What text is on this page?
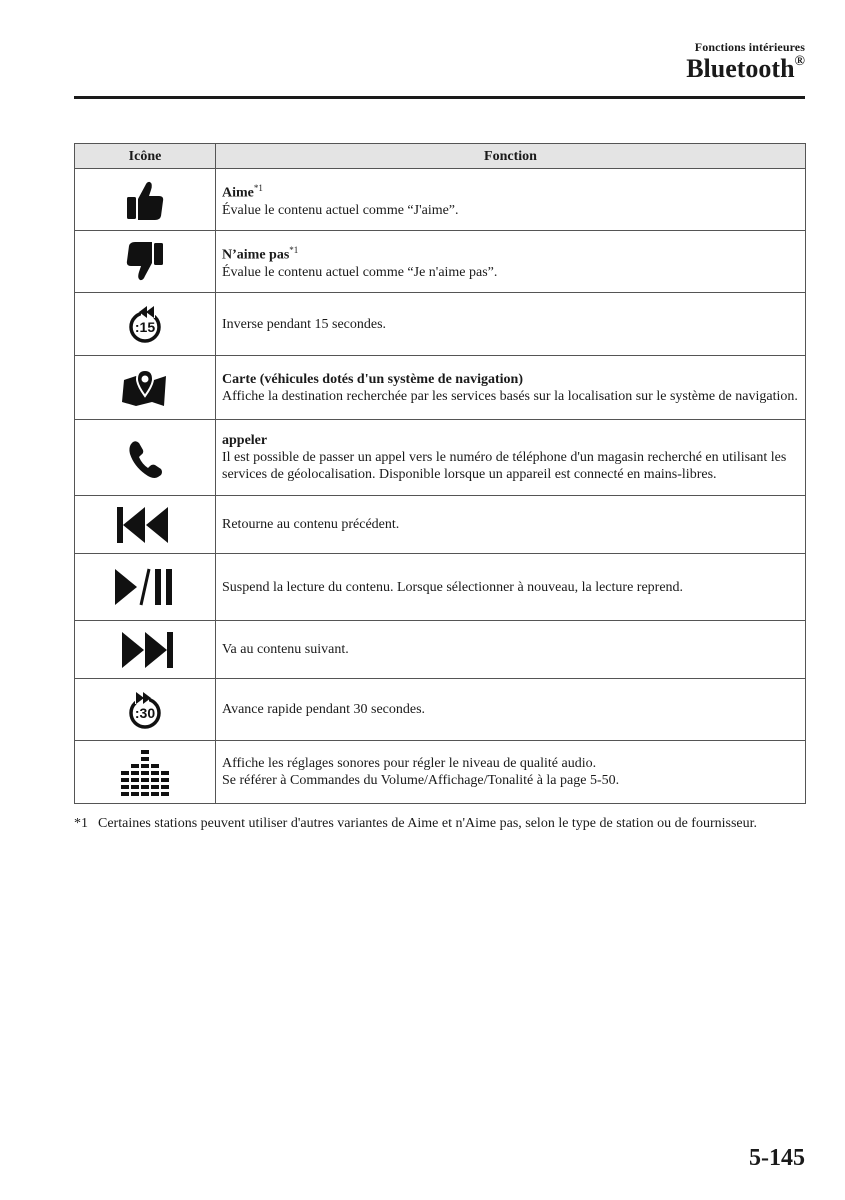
Fonctions intérieures
Bluetooth®
Icône	Fonction

Aime$^{*1}$
Évalue le contenu actuel comme “J'aime”.

N’aime pas$^{*1}$
Évalue le contenu actuel comme “Je n'aime pas”.

:15	Inverse pendant 15 secondes.

Carte (véhicules dotés d'un système de navigation)
Affiche la destination recherchée par les services basés sur la localisation sur le système de navigation.

appeler
Il est possible de passer un appel vers le numéro de téléphone d'un magasin recherché en utilisant les services de géolocalisation. Disponible lorsque un appareil est connecté en mains-libres.

Retourne au contenu précédent.

Suspend la lecture du contenu. Lorsque sélectionner à nouveau, la lecture reprend.

Va au contenu suivant.

:30	Avance rapide pendant 30 secondes.

Affiche les réglages sonores pour régler le niveau de qualité audio.
Se référer à Commandes du Volume/Affichage/Tonalité à la page 5-50.
*1 Certaines stations peuvent utiliser d'autres variantes de Aime et n'Aime pas, selon le type de station ou de fournisseur.
5-145
